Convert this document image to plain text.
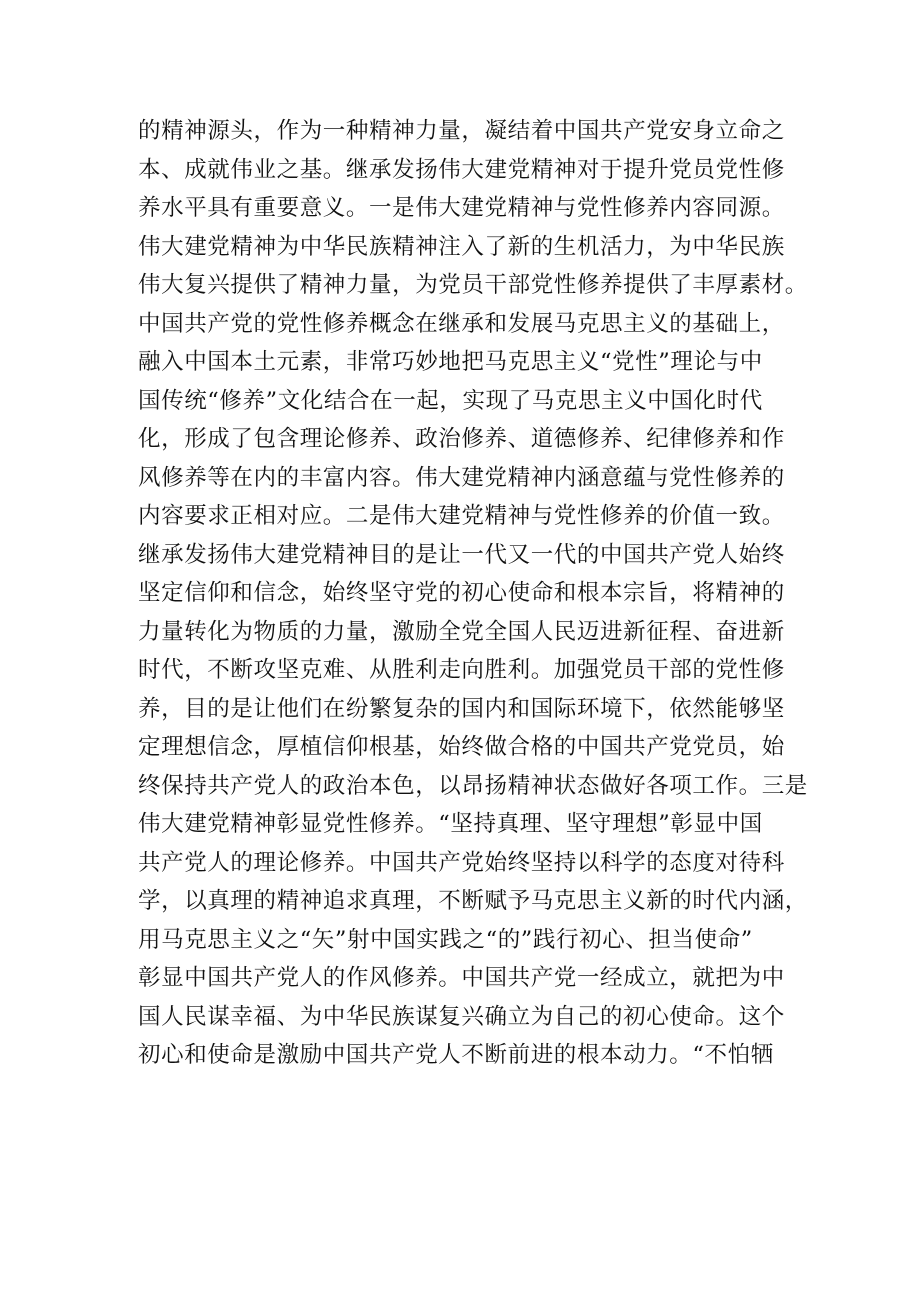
的精神源头，作为一种精神力量，凝结着中国共产党安身立命之
本、成就伟业之基。继承发扬伟大建党精神对于提升党员党性修
养水平具有重要意义。一是伟大建党精神与党性修养内容同源。
伟大建党精神为中华民族精神注入了新的生机活力，为中华民族
伟大复兴提供了精神力量，为党员干部党性修养提供了丰厚素材。
中国共产党的党性修养概念在继承和发展马克思主义的基础上，
融入中国本土元素，非常巧妙地把马克思主义“党性”理论与中
国传统“修养”文化结合在一起，实现了马克思主义中国化时代
化，形成了包含理论修养、政治修养、道德修养、纪律修养和作
风修养等在内的丰富内容。伟大建党精神内涵意蕴与党性修养的
内容要求正相对应。二是伟大建党精神与党性修养的价值一致。
继承发扬伟大建党精神目的是让一代又一代的中国共产党人始终
坚定信仰和信念，始终坚守党的初心使命和根本宗旨，将精神的
力量转化为物质的力量，激励全党全国人民迈进新征程、奋进新
时代，不断攻坚克难、从胜利走向胜利。加强党员干部的党性修
养，目的是让他们在纷繁复杂的国内和国际环境下，依然能够坚
定理想信念，厚植信仰根基，始终做合格的中国共产党党员，始
终保持共产党人的政治本色，以昂扬精神状态做好各项工作。三是
伟大建党精神彰显党性修养。“坚持真理、坚守理想”彰显中国
共产党人的理论修养。中国共产党始终坚持以科学的态度对待科
学，以真理的精神追求真理，不断赋予马克思主义新的时代内涵，
用马克思主义之“矢”射中国实践之“的”践行初心、担当使命”
彰显中国共产党人的作风修养。中国共产党一经成立，就把为中
国人民谋幸福、为中华民族谋复兴确立为自己的初心使命。这个
初心和使命是激励中国共产党人不断前进的根本动力。“不怕牺
